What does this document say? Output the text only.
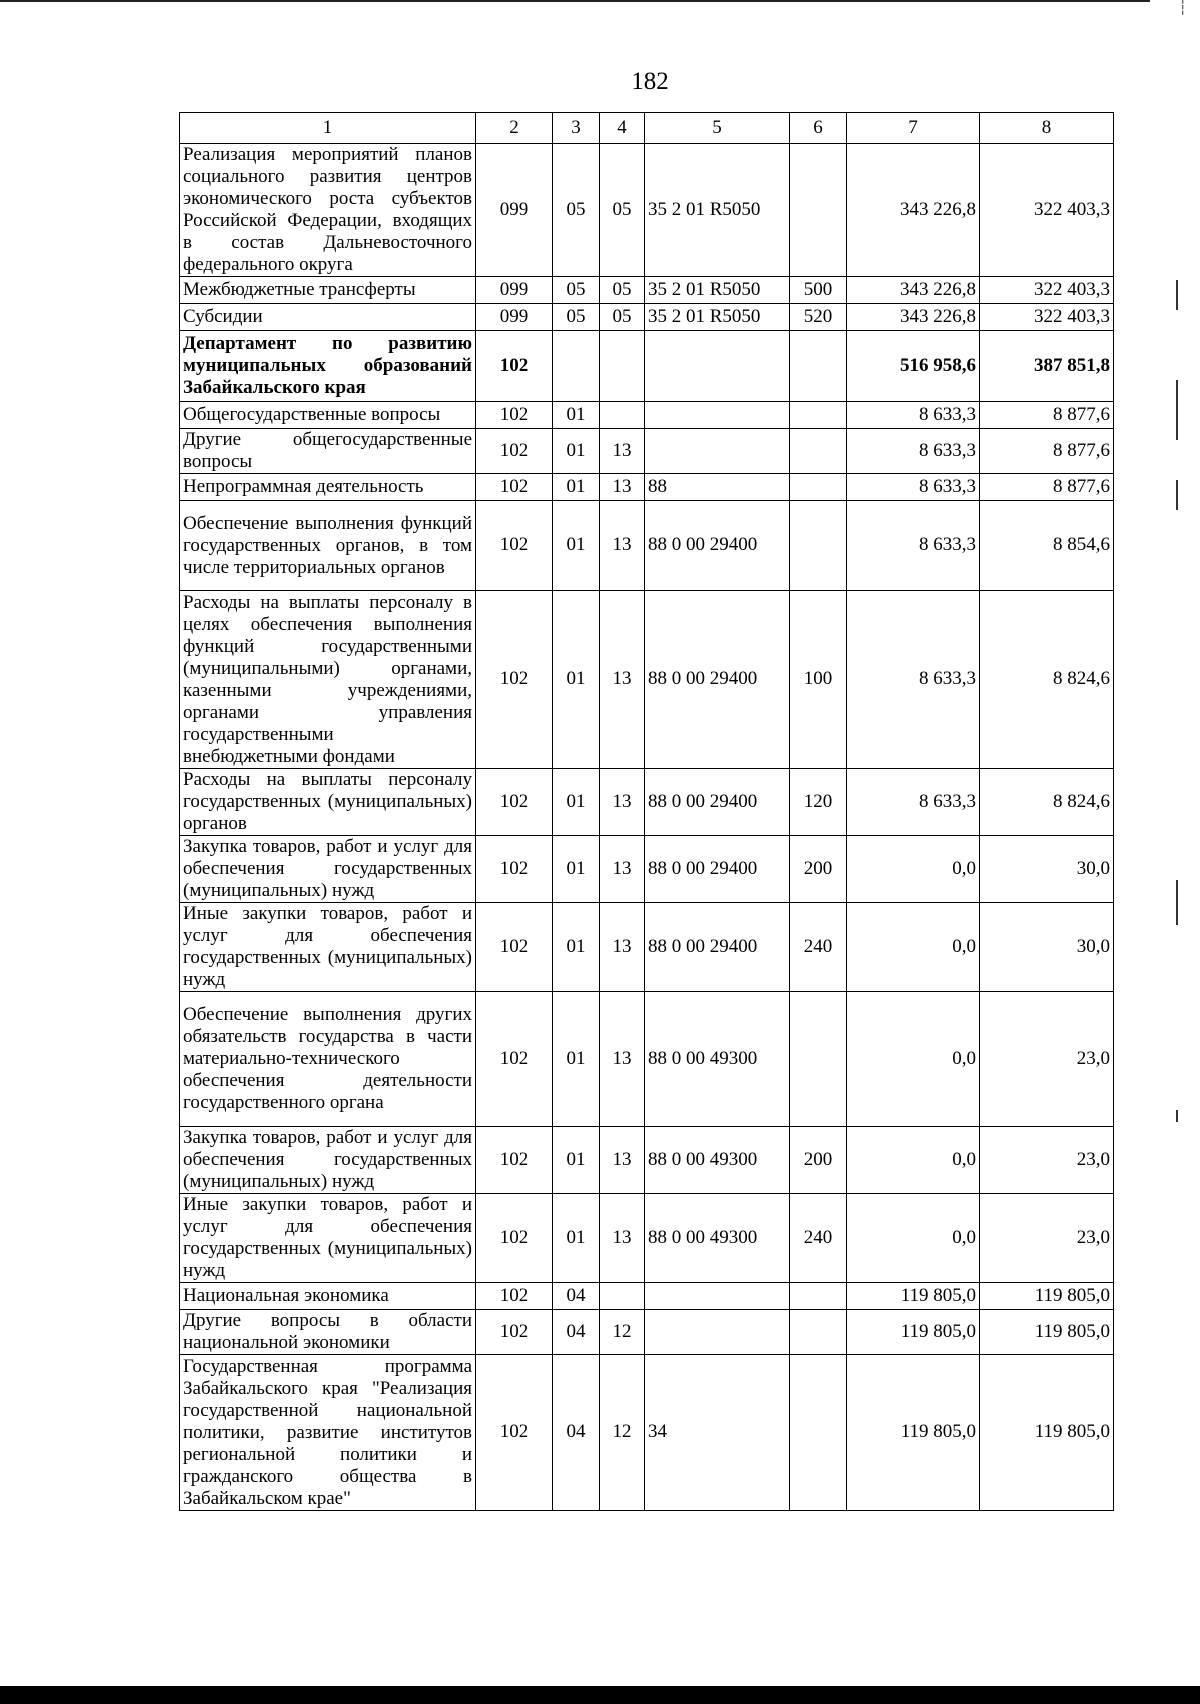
┆
182
1	2	3	4	5	6	7	8
Реализация мероприятий планов социального развития центров экономического роста субъектов Российской Федерации, входящих в состав Дальневосточного федерального округа	099	05	05	35 2 01 R5050		343 226,8	322 403,3
Межбюджетные трансферты	099	05	05	35 2 01 R5050	500	343 226,8	322 403,3
Субсидии	099	05	05	35 2 01 R5050	520	343 226,8	322 403,3
Департамент по развитию муниципальных образований Забайкальского края	102					516 958,6	387 851,8
Общегосударственные вопросы	102	01				8 633,3	8 877,6
Другие общегосударственные вопросы	102	01	13			8 633,3	8 877,6
Непрограммная деятельность	102	01	13	88		8 633,3	8 877,6
Обеспечение выполнения функций государственных органов, в том числе территориальных органов	102	01	13	88 0 00 29400		8 633,3	8 854,6
Расходы на выплаты персоналу в целях обеспечения выполнения функций государственными (муниципальными) органами, казенными учреждениями, органами управления государственными внебюджетными фондами	102	01	13	88 0 00 29400	100	8 633,3	8 824,6
Расходы на выплаты персоналу государственных (муниципальных) органов	102	01	13	88 0 00 29400	120	8 633,3	8 824,6
Закупка товаров, работ и услуг для обеспечения государственных (муниципальных) нужд	102	01	13	88 0 00 29400	200	0,0	30,0
Иные закупки товаров, работ и услуг для обеспечения государственных (муниципальных) нужд	102	01	13	88 0 00 29400	240	0,0	30,0
Обеспечение выполнения других обязательств государства в части материально-технического обеспечения деятельности государственного органа	102	01	13	88 0 00 49300		0,0	23,0
Закупка товаров, работ и услуг для обеспечения государственных (муниципальных) нужд	102	01	13	88 0 00 49300	200	0,0	23,0
Иные закупки товаров, работ и услуг для обеспечения государственных (муниципальных) нужд	102	01	13	88 0 00 49300	240	0,0	23,0
Национальная экономика	102	04				119 805,0	119 805,0
Другие вопросы в области национальной экономики	102	04	12			119 805,0	119 805,0
Государственная программа Забайкальского края "Реализация государственной национальной политики, развитие институтов региональной политики и гражданского общества в Забайкальском крае"	102	04	12	34		119 805,0	119 805,0
